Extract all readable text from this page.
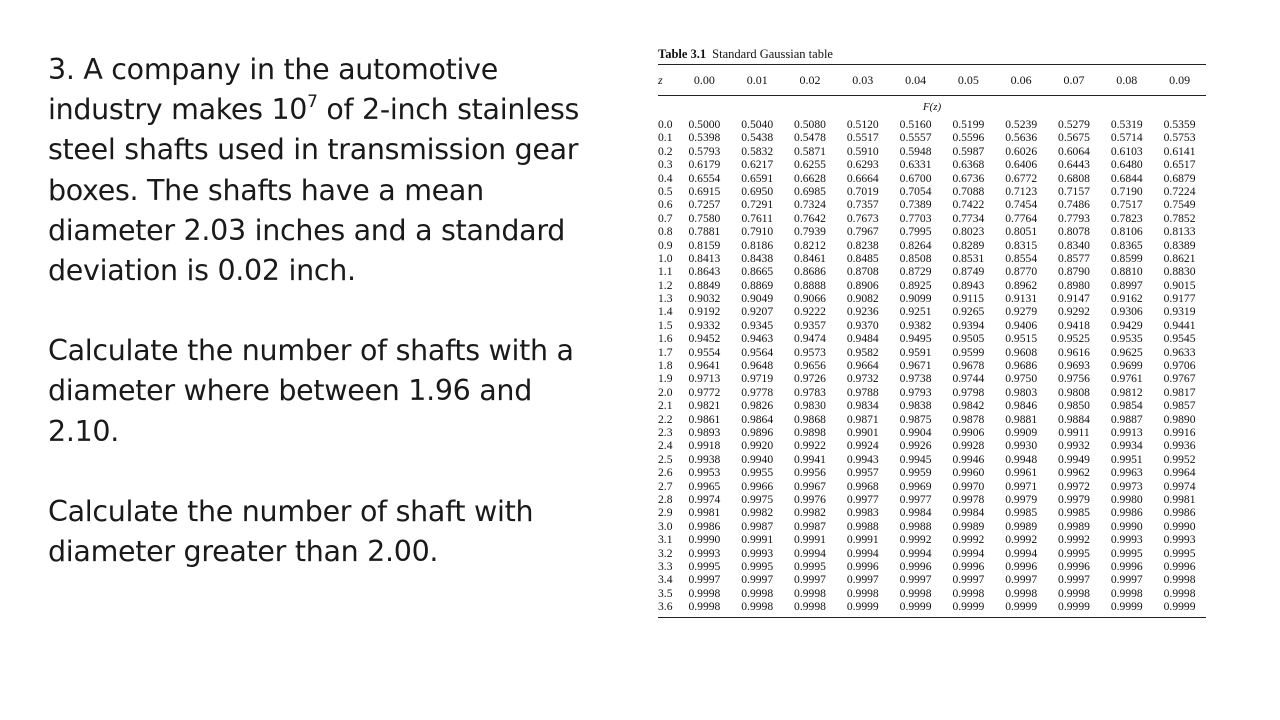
3. A company in the automotive industry makes $10^7$ of 2-inch stainless steel shafts used in transmission gear boxes. The shafts have a mean diameter 2.03 inches and a standard deviation is 0.02 inch.

Calculate the number of shafts with a diameter where between 1.96 and 2.10.

Calculate the number of shaft with diameter greater than 2.00.

Table 3.1 Standard Gaussian table
z	0.00	0.01	0.02	0.03	0.04	0.05	0.06	0.07	0.08	0.09
F(z)
0.0	0.5000	0.5040	0.5080	0.5120	0.5160	0.5199	0.5239	0.5279	0.5319	0.5359
0.1	0.5398	0.5438	0.5478	0.5517	0.5557	0.5596	0.5636	0.5675	0.5714	0.5753
0.2	0.5793	0.5832	0.5871	0.5910	0.5948	0.5987	0.6026	0.6064	0.6103	0.6141
0.3	0.6179	0.6217	0.6255	0.6293	0.6331	0.6368	0.6406	0.6443	0.6480	0.6517
0.4	0.6554	0.6591	0.6628	0.6664	0.6700	0.6736	0.6772	0.6808	0.6844	0.6879
0.5	0.6915	0.6950	0.6985	0.7019	0.7054	0.7088	0.7123	0.7157	0.7190	0.7224
0.6	0.7257	0.7291	0.7324	0.7357	0.7389	0.7422	0.7454	0.7486	0.7517	0.7549
0.7	0.7580	0.7611	0.7642	0.7673	0.7703	0.7734	0.7764	0.7793	0.7823	0.7852
0.8	0.7881	0.7910	0.7939	0.7967	0.7995	0.8023	0.8051	0.8078	0.8106	0.8133
0.9	0.8159	0.8186	0.8212	0.8238	0.8264	0.8289	0.8315	0.8340	0.8365	0.8389
1.0	0.8413	0.8438	0.8461	0.8485	0.8508	0.8531	0.8554	0.8577	0.8599	0.8621
1.1	0.8643	0.8665	0.8686	0.8708	0.8729	0.8749	0.8770	0.8790	0.8810	0.8830
1.2	0.8849	0.8869	0.8888	0.8906	0.8925	0.8943	0.8962	0.8980	0.8997	0.9015
1.3	0.9032	0.9049	0.9066	0.9082	0.9099	0.9115	0.9131	0.9147	0.9162	0.9177
1.4	0.9192	0.9207	0.9222	0.9236	0.9251	0.9265	0.9279	0.9292	0.9306	0.9319
1.5	0.9332	0.9345	0.9357	0.9370	0.9382	0.9394	0.9406	0.9418	0.9429	0.9441
1.6	0.9452	0.9463	0.9474	0.9484	0.9495	0.9505	0.9515	0.9525	0.9535	0.9545
1.7	0.9554	0.9564	0.9573	0.9582	0.9591	0.9599	0.9608	0.9616	0.9625	0.9633
1.8	0.9641	0.9648	0.9656	0.9664	0.9671	0.9678	0.9686	0.9693	0.9699	0.9706
1.9	0.9713	0.9719	0.9726	0.9732	0.9738	0.9744	0.9750	0.9756	0.9761	0.9767
2.0	0.9772	0.9778	0.9783	0.9788	0.9793	0.9798	0.9803	0.9808	0.9812	0.9817
2.1	0.9821	0.9826	0.9830	0.9834	0.9838	0.9842	0.9846	0.9850	0.9854	0.9857
2.2	0.9861	0.9864	0.9868	0.9871	0.9875	0.9878	0.9881	0.9884	0.9887	0.9890
2.3	0.9893	0.9896	0.9898	0.9901	0.9904	0.9906	0.9909	0.9911	0.9913	0.9916
2.4	0.9918	0.9920	0.9922	0.9924	0.9926	0.9928	0.9930	0.9932	0.9934	0.9936
2.5	0.9938	0.9940	0.9941	0.9943	0.9945	0.9946	0.9948	0.9949	0.9951	0.9952
2.6	0.9953	0.9955	0.9956	0.9957	0.9959	0.9960	0.9961	0.9962	0.9963	0.9964
2.7	0.9965	0.9966	0.9967	0.9968	0.9969	0.9970	0.9971	0.9972	0.9973	0.9974
2.8	0.9974	0.9975	0.9976	0.9977	0.9977	0.9978	0.9979	0.9979	0.9980	0.9981
2.9	0.9981	0.9982	0.9982	0.9983	0.9984	0.9984	0.9985	0.9985	0.9986	0.9986
3.0	0.9986	0.9987	0.9987	0.9988	0.9988	0.9989	0.9989	0.9989	0.9990	0.9990
3.1	0.9990	0.9991	0.9991	0.9991	0.9992	0.9992	0.9992	0.9992	0.9993	0.9993
3.2	0.9993	0.9993	0.9994	0.9994	0.9994	0.9994	0.9994	0.9995	0.9995	0.9995
3.3	0.9995	0.9995	0.9995	0.9996	0.9996	0.9996	0.9996	0.9996	0.9996	0.9996
3.4	0.9997	0.9997	0.9997	0.9997	0.9997	0.9997	0.9997	0.9997	0.9997	0.9998
3.5	0.9998	0.9998	0.9998	0.9998	0.9998	0.9998	0.9998	0.9998	0.9998	0.9998
3.6	0.9998	0.9998	0.9998	0.9999	0.9999	0.9999	0.9999	0.9999	0.9999	0.9999
